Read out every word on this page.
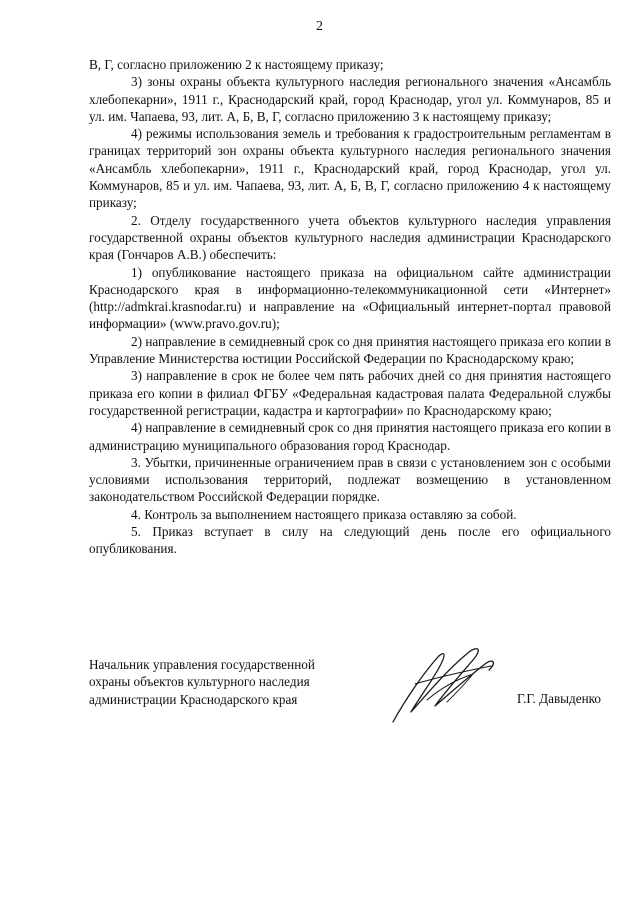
2

В, Г, согласно приложению 2 к настоящему приказу;

3) зоны охраны объекта культурного наследия регионального значения «Ансамбль хлебопекарни», 1911 г., Краснодарский край, город Краснодар, угол ул. Коммунаров, 85 и ул. им. Чапаева, 93, лит. А, Б, В, Г, согласно приложению 3 к настоящему приказу;

4) режимы использования земель и требования к градостроительным регламентам в границах территорий зон охраны объекта культурного наследия регионального значения «Ансамбль хлебопекарни», 1911 г., Краснодарский край, город Краснодар, угол ул. Коммунаров, 85 и ул. им. Чапаева, 93, лит. А, Б, В, Г, согласно приложению 4 к настоящему приказу;

2. Отделу государственного учета объектов культурного наследия управления государственной охраны объектов культурного наследия администрации Краснодарского края (Гончаров А.В.) обеспечить:

1) опубликование настоящего приказа на официальном сайте администрации Краснодарского края в информационно-телекоммуникационной сети «Интернет» (http://admkrai.krasnodar.ru) и направление на «Официальный интернет-портал правовой информации» (www.pravo.gov.ru);

2) направление в семидневный срок со дня принятия настоящего приказа его копии в Управление Министерства юстиции Российской Федерации по Краснодарскому краю;

3) направление в срок не более чем пять рабочих дней со дня принятия настоящего приказа его копии в филиал ФГБУ «Федеральная кадастровая палата Федеральной службы государственной регистрации, кадастра и картографии» по Краснодарскому краю;

4) направление в семидневный срок со дня принятия настоящего приказа его копии в администрацию муниципального образования город Краснодар.

3. Убытки, причиненные ограничением прав в связи с установлением зон с особыми условиями использования территорий, подлежат возмещению в установленном законодательством Российской Федерации порядке.

4. Контроль за выполнением настоящего приказа оставляю за собой.

5. Приказ вступает в силу на следующий день после его официального опубликования.

Начальник управления государственной
охраны объектов культурного наследия
администрации Краснодарского края	Г.Г. Давыденко
